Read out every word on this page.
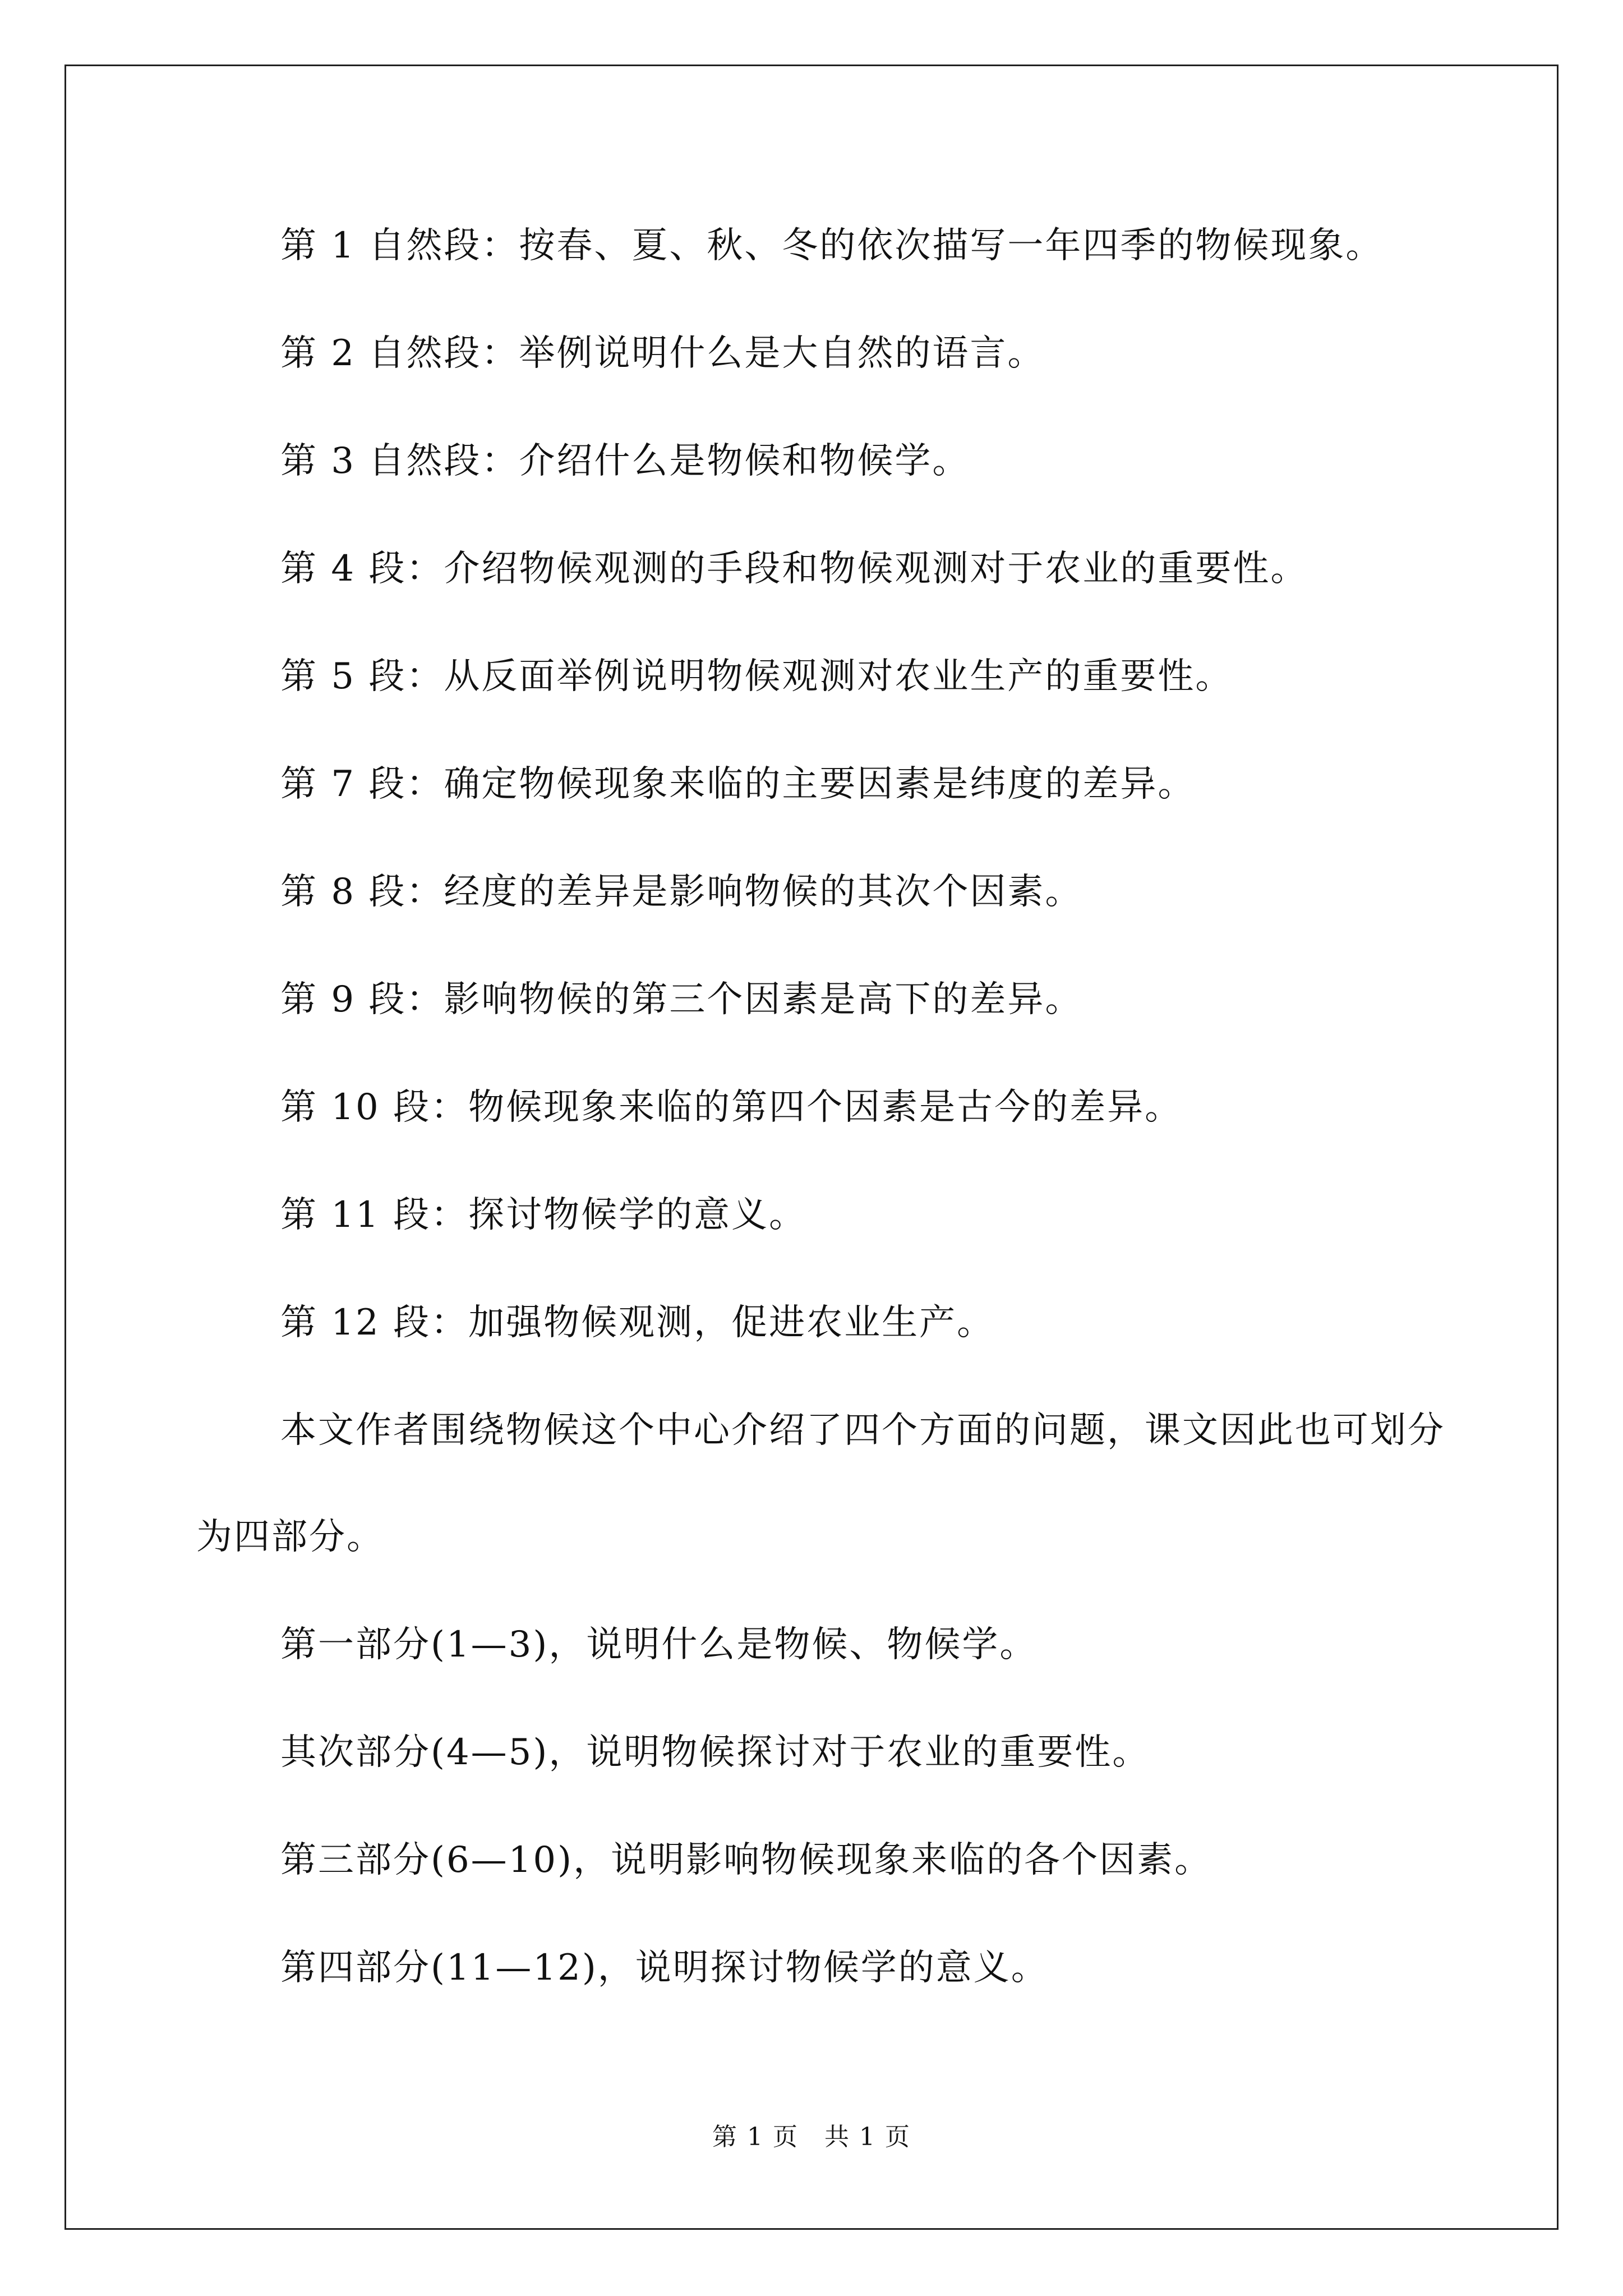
第 1 自然段：按春、夏、秋、冬的依次描写一年四季的物候现象。

第 2 自然段：举例说明什么是大自然的语言。

第 3 自然段：介绍什么是物候和物候学。

第 4 段：介绍物候观测的手段和物候观测对于农业的重要性。

第 5 段：从反面举例说明物候观测对农业生产的重要性。

第 7 段：确定物候现象来临的主要因素是纬度的差异。

第 8 段：经度的差异是影响物候的其次个因素。

第 9 段：影响物候的第三个因素是高下的差异。

第 10 段：物候现象来临的第四个因素是古今的差异。

第 11 段：探讨物候学的意义。

第 12 段：加强物候观测，促进农业生产。

本文作者围绕物候这个中心介绍了四个方面的问题，课文因此也可划分为四部分。

第一部分(1—3)，说明什么是物候、物候学。

其次部分(4—5)，说明物候探讨对于农业的重要性。

第三部分(6—10)，说明影响物候现象来临的各个因素。

第四部分(11—12)，说明探讨物候学的意义。

第 1 页　共 1 页
